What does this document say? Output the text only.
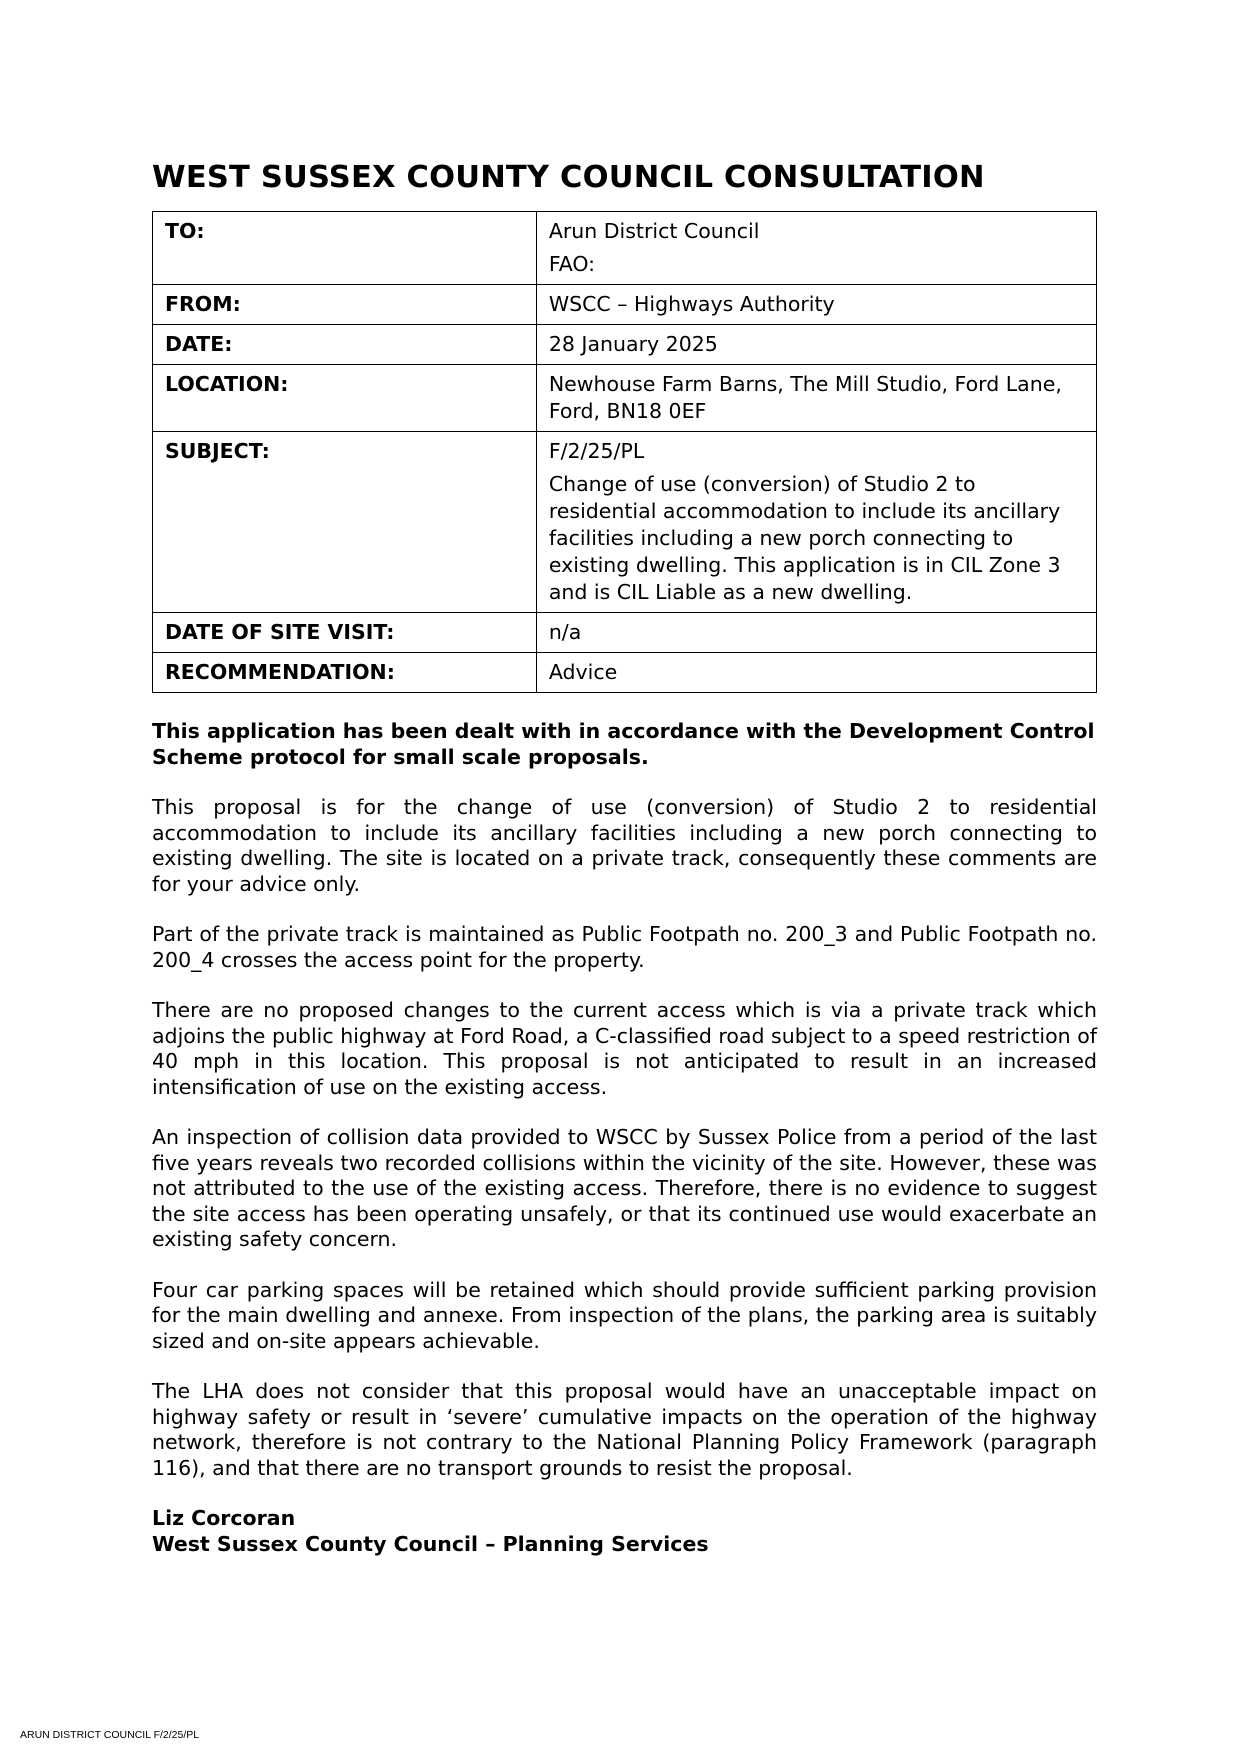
WEST SUSSEX COUNTY COUNCIL CONSULTATION
TO:	Arun District Council
FAO:

FROM:	WSCC – Highways Authority
DATE:	28 January 2025
LOCATION:	Newhouse Farm Barns, The Mill Studio, Ford Lane, Ford, BN18 0EF
SUBJECT:	F/2/25/PL
Change of use (conversion) of Studio 2 to residential accommodation to include its ancillary facilities including a new porch connecting to existing dwelling. This application is in CIL Zone 3 and is CIL Liable as a new dwelling.

DATE OF SITE VISIT:	n/a
RECOMMENDATION:	Advice

This application has been dealt with in accordance with the Development Control Scheme protocol for small scale proposals.

This proposal is for the change of use (conversion) of Studio 2 to residential accommodation to include its ancillary facilities including a new porch connecting to existing dwelling. The site is located on a private track, consequently these comments are for your advice only.

Part of the private track is maintained as Public Footpath no. 200_3 and Public Footpath no. 200_4 crosses the access point for the property.

There are no proposed changes to the current access which is via a private track which adjoins the public highway at Ford Road, a C-classified road subject to a speed restriction of 40 mph in this location. This proposal is not anticipated to result in an increased intensification of use on the existing access.

An inspection of collision data provided to WSCC by Sussex Police from a period of the last five years reveals two recorded collisions within the vicinity of the site. However, these was not attributed to the use of the existing access. Therefore, there is no evidence to suggest the site access has been operating unsafely, or that its continued use would exacerbate an existing safety concern.

Four car parking spaces will be retained which should provide sufficient parking provision for the main dwelling and annexe. From inspection of the plans, the parking area is suitably sized and on-site appears achievable.

The LHA does not consider that this proposal would have an unacceptable impact on highway safety or result in ‘severe’ cumulative impacts on the operation of the highway network, therefore is not contrary to the National Planning Policy Framework (paragraph 116), and that there are no transport grounds to resist the proposal.

Liz Corcoran
West Sussex County Council – Planning Services
ARUN DISTRICT COUNCIL F/2/25/PL
